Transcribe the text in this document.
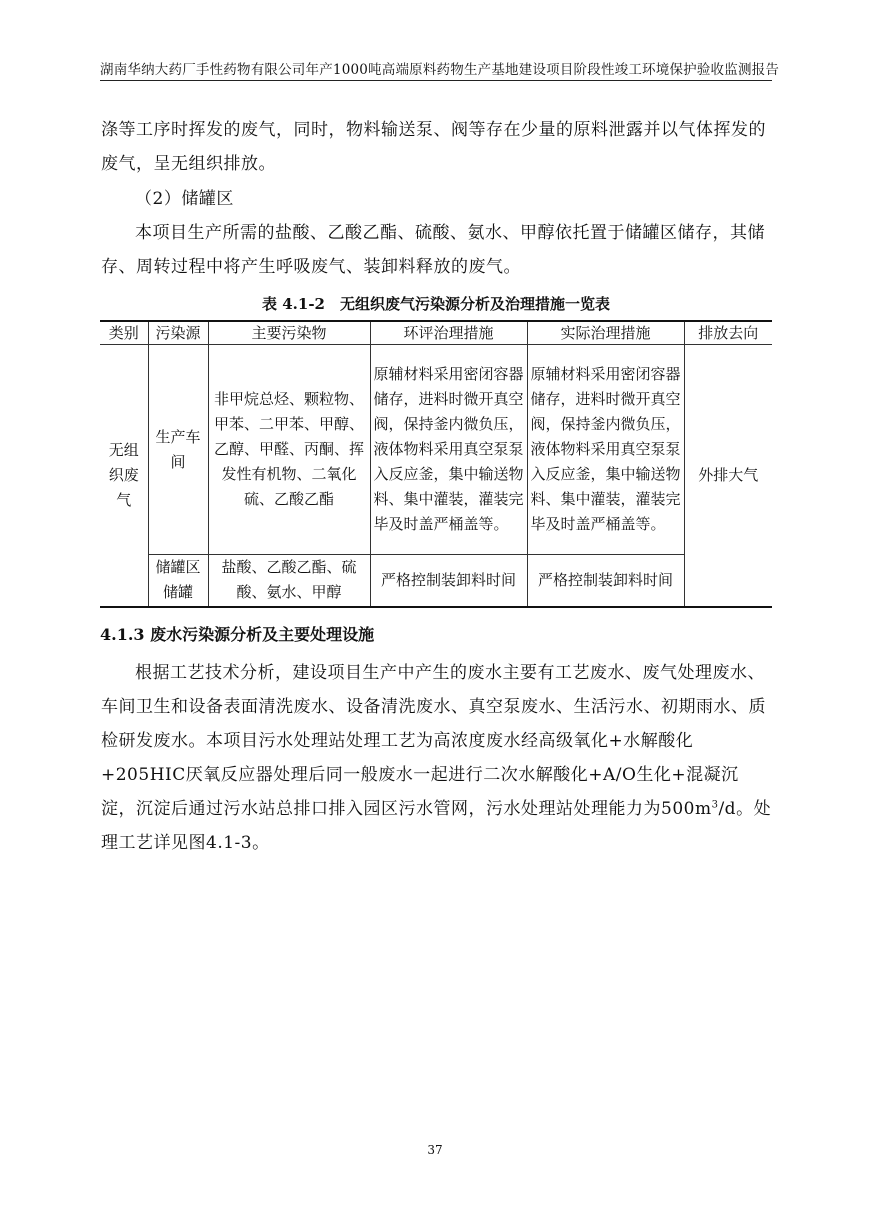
湖南华纳大药厂手性药物有限公司年产1000吨高端原料药物生产基地建设项目阶段性竣工环境保护验收监测报告

涤等工序时挥发的废气，同时，物料输送泵、阀等存在少量的原料泄露并以气体挥发的废气，呈无组织排放。

（2）储罐区

本项目生产所需的盐酸、乙酸乙酯、硫酸、氨水、甲醇依托置于储罐区储存，其储存、周转过程中将产生呼吸废气、装卸料释放的废气。

表 4.1-2　无组织废气污染源分析及治理措施一览表
类别	污染源	主要污染物	环评治理措施	实际治理措施	排放去向
无组织废气	生产车间	非甲烷总烃、颗粒物、甲苯、二甲苯、甲醇、乙醇、甲醛、丙酮、挥发性有机物、二氧化硫、乙酸乙酯	原辅材料采用密闭容器储存，进料时微开真空阀，保持釜内微负压，液体物料采用真空泵泵入反应釜，集中输送物料、集中灌装，灌装完毕及时盖严桶盖等。	原辅材料采用密闭容器储存，进料时微开真空阀，保持釜内微负压，液体物料采用真空泵泵入反应釜，集中输送物料、集中灌装，灌装完毕及时盖严桶盖等。	外排大气
	储罐区储罐	盐酸、乙酸乙酯、硫酸、氨水、甲醇	严格控制装卸料时间	严格控制装卸料时间	
4.1.3 废水污染源分析及主要处理设施

根据工艺技术分析，建设项目生产中产生的废水主要有工艺废水、废气处理废水、车间卫生和设备表面清洗废水、设备清洗废水、真空泵废水、生活污水、初期雨水、质检研发废水。本项目污水处理站处理工艺为高浓度废水经高级氧化+水解酸化+205HIC厌氧反应器处理后同一般废水一起进行二次水解酸化+A/O生化+混凝沉淀，沉淀后通过污水站总排口排入园区污水管网，污水处理站处理能力为$500m^3/d$。处理工艺详见图4.1-3。

37
